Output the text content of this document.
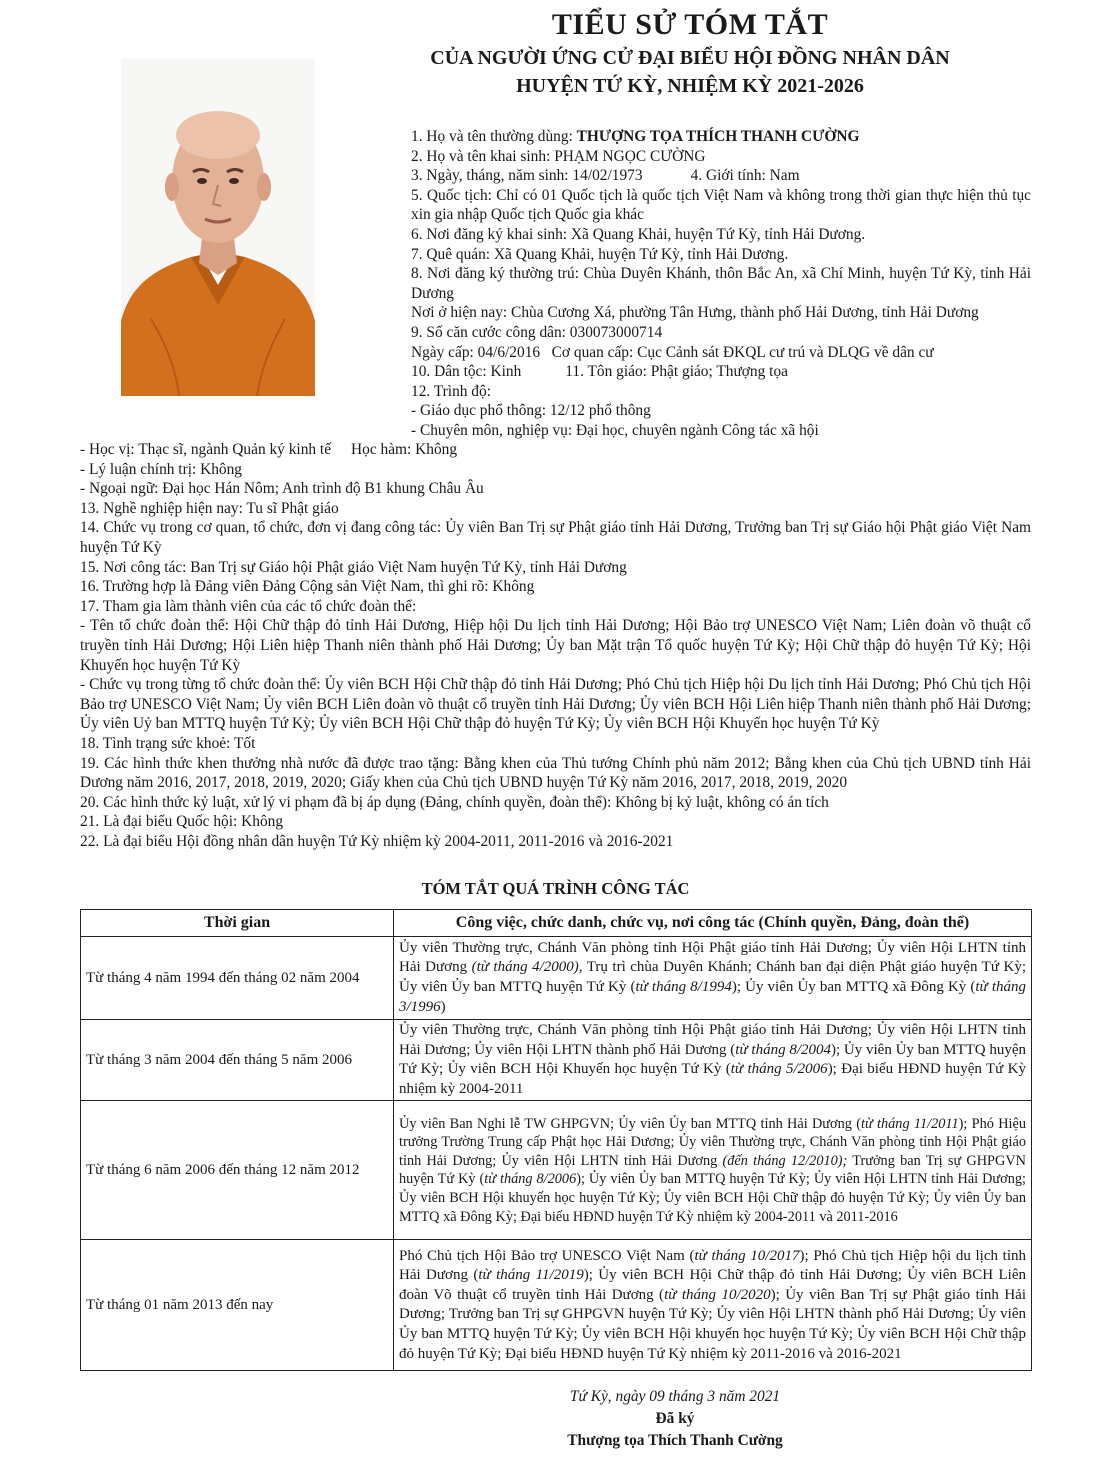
TIỂU SỬ TÓM TẮT
CỦA NGƯỜI ỨNG CỬ ĐẠI BIỂU HỘI ĐỒNG NHÂN DÂN
HUYỆN TỨ KỲ, NHIỆM KỲ 2021-2026

1. Họ và tên thường dùng: THƯỢNG TỌA THÍCH THANH CƯỜNG

2. Họ và tên khai sinh: PHẠM NGỌC CƯỜNG

3. Ngày, tháng, năm sinh: 14/02/1973	4. Giới tính: Nam

5. Quốc tịch: Chỉ có 01 Quốc tịch là quốc tịch Việt Nam và không trong thời gian thực hiện thủ tục xin gia nhập Quốc tịch Quốc gia khác

6. Nơi đăng ký khai sinh: Xã Quang Khải, huyện Tứ Kỳ, tỉnh Hải Dương.

7. Quê quán: Xã Quang Khải, huyện Tứ Kỳ, tỉnh Hải Dương.

8. Nơi đăng ký thường trú: Chùa Duyên Khánh, thôn Bắc An, xã Chí Minh, huyện Tứ Kỳ, tỉnh Hải Dương

Nơi ở hiện nay: Chùa Cương Xá, phường Tân Hưng, thành phố Hải Dương, tỉnh Hải Dương

9. Số căn cước công dân: 030073000714

Ngày cấp: 04/6/2016   Cơ quan cấp: Cục Cảnh sát ĐKQL cư trú và DLQG về dân cư

10. Dân tộc: Kinh	11. Tôn giáo: Phật giáo; Thượng tọa

12. Trình độ:

- Giáo dục phổ thông: 12/12 phổ thông

- Chuyên môn, nghiệp vụ: Đại học, chuyên ngành Công tác xã hội

- Học vị: Thạc sĩ, ngành Quản ký kinh tế Học hàm: Không

- Lý luận chính trị: Không

- Ngoại ngữ: Đại học Hán Nôm; Anh trình độ B1 khung Châu Âu

13. Nghề nghiệp hiện nay: Tu sĩ Phật giáo

14. Chức vụ trong cơ quan, tổ chức, đơn vị đang công tác: Ủy viên Ban Trị sự Phật giáo tỉnh Hải Dương, Trưởng ban Trị sự Giáo hội Phật giáo Việt Nam huyện Tứ Kỳ

15. Nơi công tác: Ban Trị sự Giáo hội Phật giáo Việt Nam huyện Tứ Kỳ, tỉnh Hải Dương

16. Trường hợp là Đảng viên Đảng Cộng sản Việt Nam, thì ghi rõ: Không

17. Tham gia làm thành viên của các tổ chức đoàn thể:

- Tên tổ chức đoàn thể: Hội Chữ thập đỏ tỉnh Hải Dương, Hiệp hội Du lịch tỉnh Hải Dương; Hội Bảo trợ UNESCO Việt Nam; Liên đoàn võ thuật cổ truyền tỉnh Hải Dương; Hội Liên hiệp Thanh niên thành phố Hải Dương; Ủy ban Mặt trận Tổ quốc huyện Tứ Kỳ; Hội Chữ thập đỏ huyện Tứ Kỳ; Hội Khuyến học huyện Tứ Kỳ

- Chức vụ trong từng tổ chức đoàn thể: Ủy viên BCH Hội Chữ thập đỏ tỉnh Hải Dương; Phó Chủ tịch Hiệp hội Du lịch tỉnh Hải Dương; Phó Chủ tịch Hội Bảo trợ UNESCO Việt Nam; Ủy viên BCH Liên đoàn võ thuật cổ truyền tỉnh Hải Dương; Ủy viên BCH Hội Liên hiệp Thanh niên thành phố Hải Dương; Ủy viên Uỷ ban MTTQ huyện Tứ Kỳ; Ủy viên BCH Hội Chữ thập đỏ huyện Tứ Kỳ; Ủy viên BCH Hội Khuyến học huyện Tứ Kỳ

18. Tình trạng sức khoẻ: Tốt

19. Các hình thức khen thưởng nhà nước đã được trao tặng: Bằng khen của Thủ tướng Chính phủ năm 2012; Bằng khen của Chủ tịch UBND tỉnh Hải Dương năm 2016, 2017, 2018, 2019, 2020; Giấy khen của Chủ tịch UBND huyện Tứ Kỳ năm 2016, 2017, 2018, 2019, 2020

20. Các hình thức kỷ luật, xử lý vi phạm đã bị áp dụng (Đảng, chính quyền, đoàn thể): Không bị kỷ luật, không có án tích

21. Là đại biểu Quốc hội: Không

22. Là đại biểu Hội đồng nhân dân huyện Tứ Kỳ nhiệm kỳ 2004-2011, 2011-2016 và 2016-2021

TÓM TẮT QUÁ TRÌNH CÔNG TÁC
Thời gian	Công việc, chức danh, chức vụ, nơi công tác (Chính quyền, Đảng, đoàn thể)
Từ tháng 4 năm 1994 đến tháng 02 năm 2004	Ủy viên Thường trực, Chánh Văn phòng tỉnh Hội Phật giáo tỉnh Hải Dương; Ủy viên Hội LHTN tỉnh Hải Dương (từ tháng 4/2000), Trụ trì chùa Duyên Khánh; Chánh ban đại diện Phật giáo huyện Tứ Kỳ; Ủy viên Ủy ban MTTQ huyện Tứ Kỳ (từ tháng 8/1994); Ủy viên Ủy ban MTTQ xã Đông Kỳ (từ tháng 3/1996)
Từ tháng 3 năm 2004 đến tháng 5 năm 2006	Ủy viên Thường trực, Chánh Văn phòng tỉnh Hội Phật giáo tỉnh Hải Dương; Ủy viên Hội LHTN tỉnh Hải Dương; Ủy viên Hội LHTN thành phố Hải Dương (từ tháng 8/2004); Ủy viên Ủy ban MTTQ huyện Tứ Kỳ; Ủy viên BCH Hội Khuyến học huyện Tứ Kỳ (từ tháng 5/2006); Đại biểu HĐND huyện Tứ Kỳ nhiệm kỳ 2004-2011
Từ tháng 6 năm 2006 đến tháng 12 năm 2012	Ủy viên Ban Nghi lễ TW GHPGVN; Ủy viên Ủy ban MTTQ tỉnh Hải Dương (từ tháng 11/2011); Phó Hiệu trưởng Trường Trung cấp Phật học Hải Dương; Ủy viên Thường trực, Chánh Văn phòng tỉnh Hội Phật giáo tỉnh Hải Dương; Ủy viên Hội LHTN tỉnh Hải Dương (đến tháng 12/2010); Trưởng ban Trị sự GHPGVN huyện Tứ Kỳ (từ tháng 8/2006); Ủy viên Ủy ban MTTQ huyện Tứ Kỳ; Ủy viên Hội LHTN tỉnh Hải Dương; Ủy viên BCH Hội khuyến học huyện Tứ Kỳ; Ủy viên BCH Hội Chữ thập đỏ huyện Tứ Kỳ; Ủy viên Ủy ban MTTQ xã Đông Kỳ; Đại biểu HĐND huyện Tứ Kỳ nhiệm kỳ 2004-2011 và 2011-2016
Từ tháng 01 năm 2013 đến nay	Phó Chủ tịch Hội Bảo trợ UNESCO Việt Nam (từ tháng 10/2017); Phó Chủ tịch Hiệp hội du lịch tỉnh Hải Dương (từ tháng 11/2019); Ủy viên BCH Hội Chữ thập đỏ tỉnh Hải Dương; Ủy viên BCH Liên đoàn Võ thuật cổ truyền tỉnh Hải Dương (từ tháng 10/2020); Ủy viên Ban Trị sự Phật giáo tỉnh Hải Dương; Trưởng ban Trị sự GHPGVN huyện Tứ Kỳ; Ủy viên Hội LHTN thành phố Hải Dương; Ủy viên Ủy ban MTTQ huyện Tứ Kỳ; Ủy viên BCH Hội khuyến học huyện Tứ Kỳ; Ủy viên BCH Hội Chữ thập đỏ huyện Tứ Kỳ; Đại biểu HĐND huyện Tứ Kỳ nhiệm kỳ 2011-2016 và 2016-2021
Tứ Kỳ, ngày 09 tháng 3 năm 2021
Đã ký
Thượng tọa Thích Thanh Cường
